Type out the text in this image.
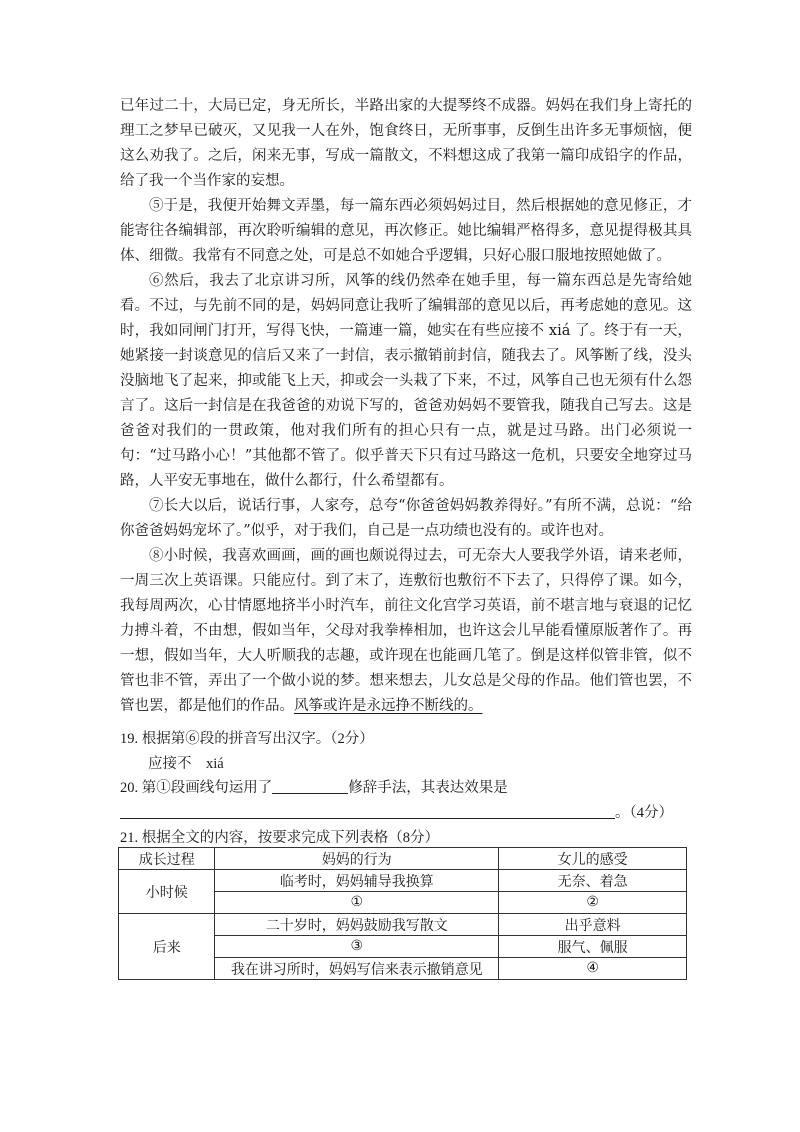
已年过二十，大局已定，身无所长，半路出家的大提琴终不成器。妈妈在我们身上寄托的理工之梦早已破灭，又见我一人在外，饱食终日，无所事事，反倒生出许多无事烦恼，便这么劝我了。之后，闲来无事，写成一篇散文，不料想这成了我第一篇印成铅字的作品，给了我一个当作家的妄想。

⑤于是，我便开始舞文弄墨，每一篇东西必须妈妈过目，然后根据她的意见修正，才能寄往各编辑部，再次聆听编辑的意见，再次修正。她比编辑严格得多，意见提得极其具体、细微。我常有不同意之处，可是总不如她合乎逻辑，只好心服口服地按照她做了。

⑥然后，我去了北京讲习所，风筝的线仍然牵在她手里，每一篇东西总是先寄给她看。不过，与先前不同的是，妈妈同意让我听了编辑部的意见以后，再考虑她的意见。这时，我如同闸门打开，写得飞快，一篇連一篇，她实在有些应接不 xiá 了。终于有一天，她紧接一封谈意见的信后又来了一封信，表示撤销前封信，随我去了。风筝断了线，没头没脑地飞了起来，抑或能飞上天，抑或会一头栽了下来，不过，风筝自己也无须有什么怨言了。这后一封信是在我爸爸的劝说下写的，爸爸劝妈妈不要管我，随我自己写去。这是爸爸对我们的一贯政策，他对我们所有的担心只有一点，就是过马路。出门必须说一句：“过马路小心！”其他都不管了。似乎普天下只有过马路这一危机，只要安全地穿过马路，人平安无事地在，做什么都行，什么希望都有。

⑦长大以后，说话行事，人家夸，总夸“你爸爸妈妈教养得好。”有所不满，总说：“给你爸爸妈妈宠坏了。”似乎，对于我们，自己是一点功绩也没有的。或许也对。

⑧小时候，我喜欢画画，画的画也颇说得过去，可无奈大人要我学外语，请来老师，一周三次上英语课。只能应付。到了末了，连敷衍也敷衍不下去了，只得停了课。如今，我每周两次，心甘情愿地挤半小时汽车，前往文化宫学习英语，前不堪言地与衰退的记忆力搏斗着，不由想，假如当年，父母对我拳棒相加，也许这会儿早能看懂原版著作了。再一想，假如当年，大人听顺我的志趣，或许现在也能画几笔了。倒是这样似管非管，似不管也非不管，弄出了一个做小说的梦。想来想去，儿女总是父母的作品。他们管也罢，不管也罢，都是他们的作品。风筝或许是永远挣不断线的。

19. 根据第⑥段的拼音写出汉字。（2分）
应接不　xiá
20. 第①段画线句运用了	修辞手法，其表达效果是
。（4分）
21. 根据全文的内容，按要求完成下列表格（8分）
成长过程	妈妈的行为	女儿的感受
小时候	临考时，妈妈辅导我换算	无奈、着急
	①	②
后来	二十岁时，妈妈鼓励我写散文	出乎意料
	③	服气、佩服
	我在讲习所时，妈妈写信来表示撤销意见	④
